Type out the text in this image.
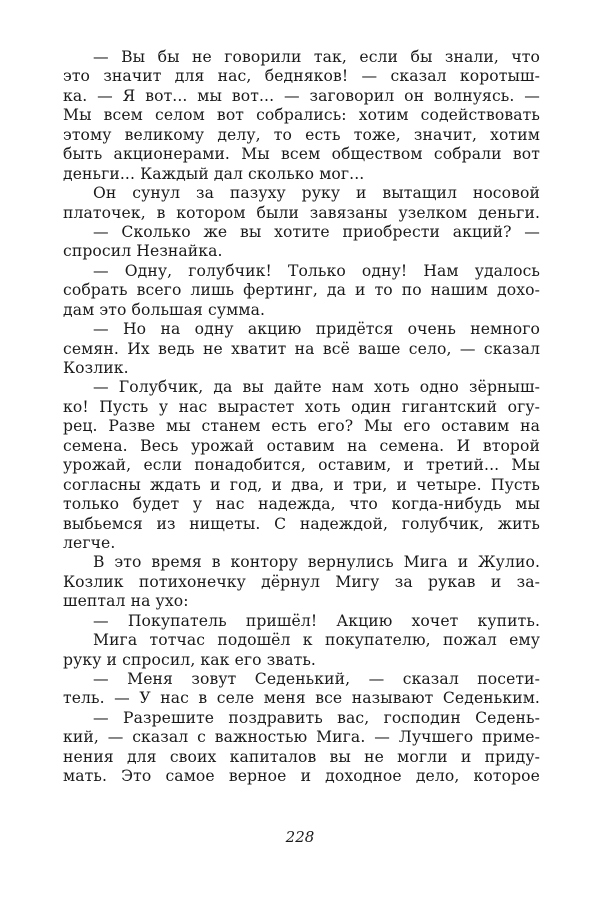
— Вы бы не говорили так, если бы знали, что
это значит для нас, бедняков! — сказал коротыш-
ка. — Я вот... мы вот... — заговорил он волнуясь. —
Мы всем селом вот собрались: хотим содействовать
этому великому делу, то есть тоже, значит, хотим
быть акционерами. Мы всем обществом собрали вот
деньги... Каждый дал сколько мог...
Он сунул за пазуху руку и вытащил носовой
платочек, в котором были завязаны узелком деньги.
— Сколько же вы хотите приобрести акций? —
спросил Незнайка.
— Одну, голубчик! Только одну! Нам удалось
собрать всего лишь фертинг, да и то по нашим дохо-
дам это большая сумма.
— Но на одну акцию придётся очень немного
семян. Их ведь не хватит на всё ваше село, — сказал
Козлик.
— Голубчик, да вы дайте нам хоть одно зёрныш-
ко! Пусть у нас вырастет хоть один гигантский огу-
рец. Разве мы станем есть его? Мы его оставим на
семена. Весь урожай оставим на семена. И второй
урожай, если понадобится, оставим, и третий... Мы
согласны ждать и год, и два, и три, и четыре. Пусть
только будет у нас надежда, что когда-нибудь мы
выбьемся из нищеты. С надеждой, голубчик, жить
легче.
В это время в контору вернулись Мига и Жулио.
Козлик потихонечку дёрнул Мигу за рукав и за-
шептал на ухо:
— Покупатель пришёл! Акцию хочет купить.
Мига тотчас подошёл к покупателю, пожал ему
руку и спросил, как его звать.
— Меня зовут Седенький, — сказал посети-
тель. — У нас в селе меня все называют Седеньким.
— Разрешите поздравить вас, господин Седень-
кий, — сказал с важностью Мига. — Лучшего приме-
нения для своих капиталов вы не могли и приду-
мать. Это самое верное и доходное дело, которое
228
